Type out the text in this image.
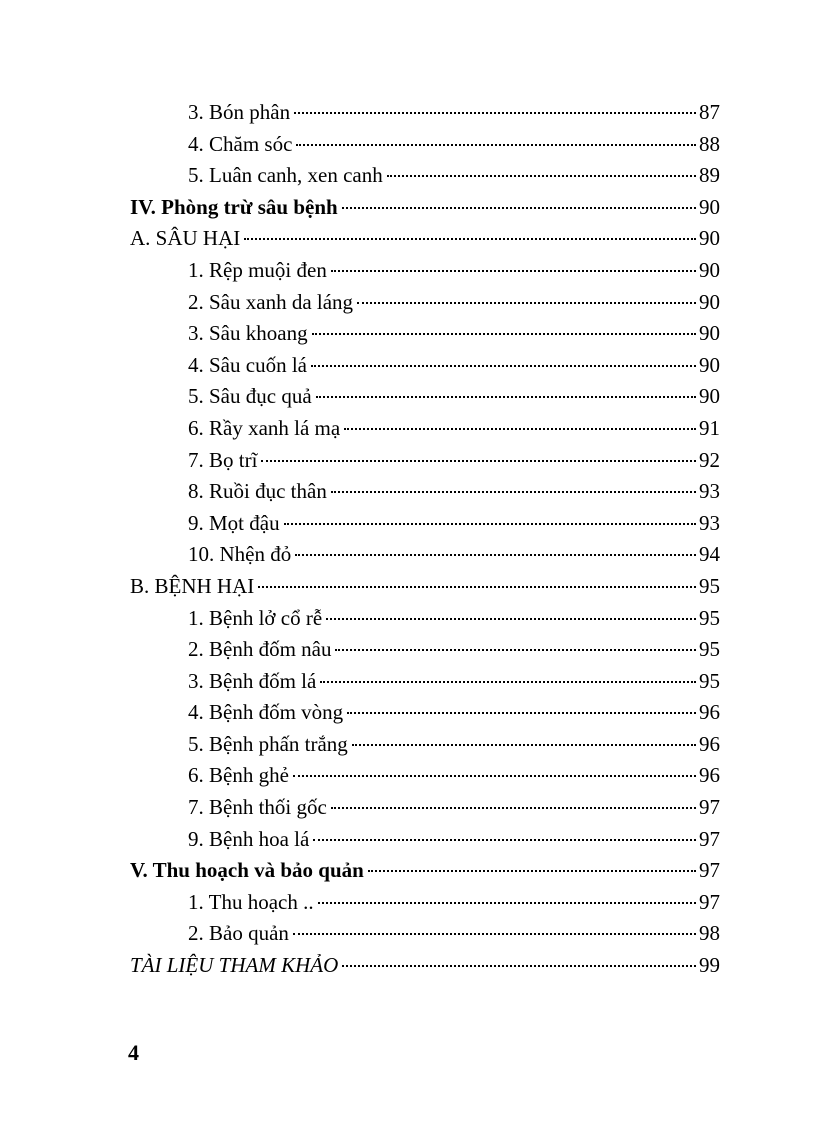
3. Bón phân	87
4. Chăm sóc	88
5. Luân canh, xen canh	89
IV. Phòng trừ sâu bệnh	90
A. SÂU HẠI	90
1. Rệp muội đen	90
2. Sâu xanh da láng	90
3. Sâu khoang	90
4. Sâu cuốn lá	90
5. Sâu đục quả	90
6. Rầy xanh lá mạ	91
7. Bọ trĩ	92
8. Ruồi đục thân	93
9. Mọt đậu	93
10. Nhện đỏ	94
B. BỆNH HẠI	95
1. Bệnh lở cổ rễ	95
2. Bệnh đốm nâu	95
3. Bệnh đốm lá	95
4. Bệnh đốm vòng	96
5. Bệnh phấn trắng	96
6. Bệnh ghẻ	96
7. Bệnh thối gốc	97
9. Bệnh hoa lá	97
V. Thu hoạch và bảo quản	97
1. Thu hoạch ..	97
2. Bảo quản	98
TÀI LIỆU THAM KHẢO	99
4
